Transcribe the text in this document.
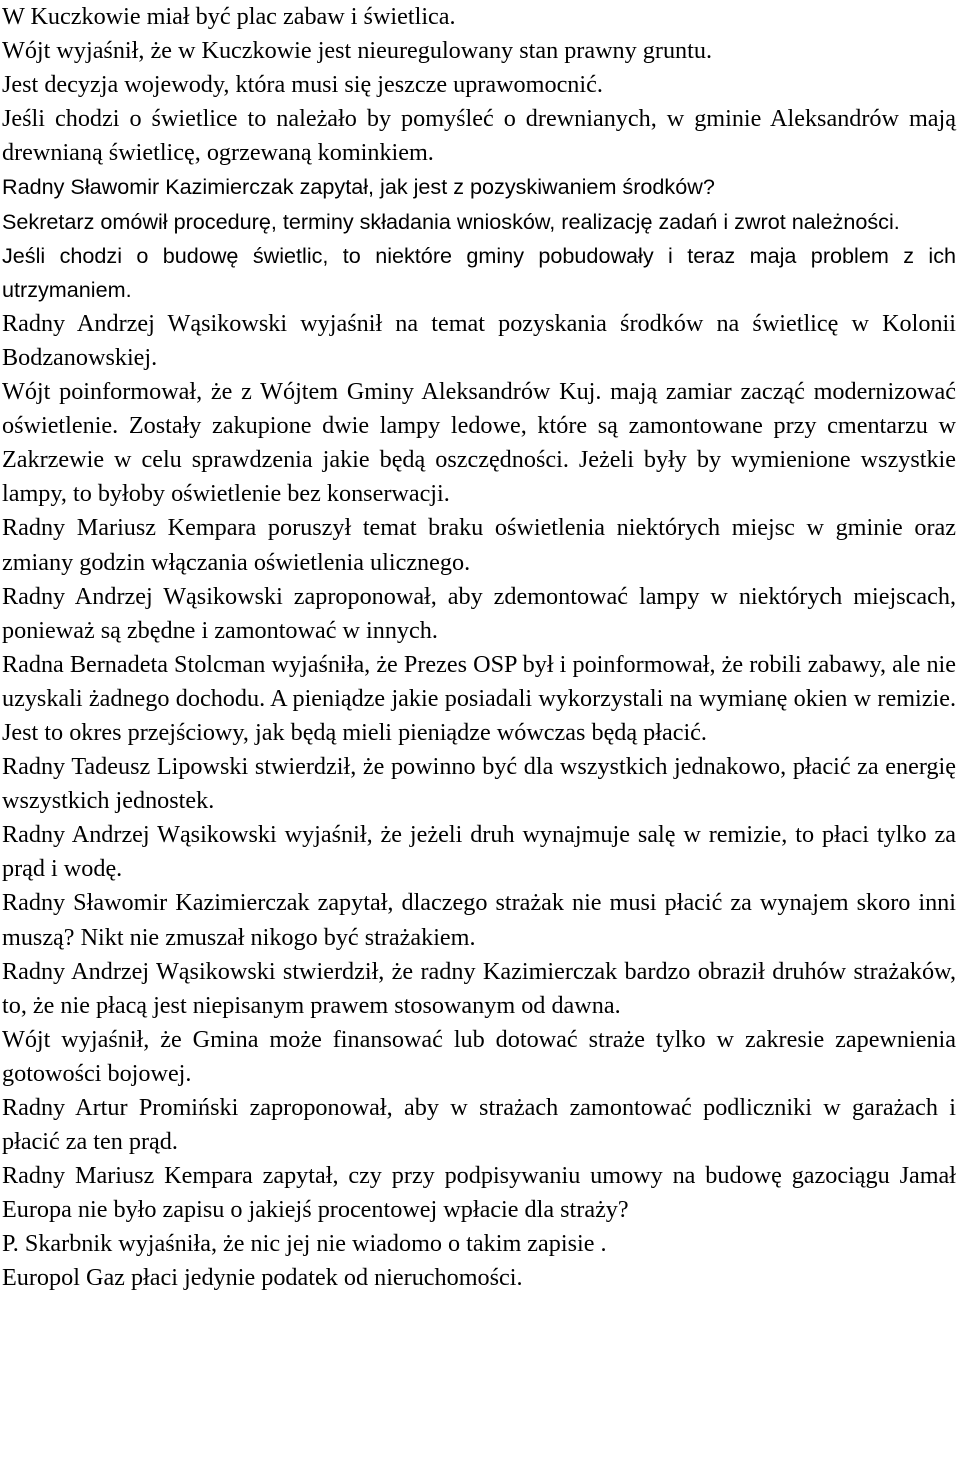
W Kuczkowie miał być plac zabaw i świetlica.

Wójt wyjaśnił, że w Kuczkowie jest nieuregulowany stan prawny gruntu.

Jest decyzja wojewody, która musi się jeszcze uprawomocnić.

Jeśli chodzi o świetlice to należało by pomyśleć o drewnianych, w gminie Aleksandrów mają drewnianą świetlicę, ogrzewaną kominkiem.

Radny Sławomir Kazimierczak zapytał, jak jest z pozyskiwaniem środków?

Sekretarz omówił procedurę, terminy składania wniosków, realizację zadań i zwrot należności.

Jeśli chodzi o budowę świetlic, to niektóre gminy pobudowały i teraz maja problem z ich utrzymaniem.

Radny Andrzej Wąsikowski wyjaśnił na temat pozyskania środków na świetlicę w Kolonii Bodzanowskiej.

Wójt poinformował, że z Wójtem Gminy Aleksandrów Kuj. mają zamiar zacząć modernizować oświetlenie. Zostały zakupione dwie lampy ledowe, które są zamontowane przy cmentarzu w Zakrzewie w celu sprawdzenia jakie będą oszczędności. Jeżeli były by wymienione wszystkie lampy, to byłoby oświetlenie bez konserwacji.

Radny Mariusz Kempara poruszył temat braku oświetlenia niektórych miejsc w gminie oraz zmiany godzin włączania oświetlenia ulicznego.

Radny Andrzej Wąsikowski zaproponował, aby zdemontować lampy w niektórych miejscach, ponieważ są zbędne i zamontować w innych.

Radna Bernadeta Stolcman wyjaśniła, że Prezes OSP był i poinformował, że robili zabawy, ale nie uzyskali żadnego dochodu. A pieniądze jakie posiadali wykorzystali na wymianę okien w remizie. Jest to okres przejściowy, jak będą mieli pieniądze wówczas będą płacić.

Radny Tadeusz Lipowski stwierdził, że powinno być dla wszystkich jednakowo, płacić za energię wszystkich jednostek.

Radny Andrzej Wąsikowski wyjaśnił, że jeżeli druh wynajmuje salę w remizie, to płaci tylko za prąd i wodę.

Radny Sławomir Kazimierczak zapytał, dlaczego strażak nie musi płacić za wynajem skoro inni muszą? Nikt nie zmuszał nikogo być strażakiem.

Radny Andrzej Wąsikowski stwierdził, że radny Kazimierczak bardzo obraził druhów strażaków, to, że nie płacą jest niepisanym prawem stosowanym od dawna.

Wójt wyjaśnił, że Gmina może finansować lub dotować straże tylko w zakresie zapewnienia gotowości bojowej.

Radny Artur Promiński zaproponował, aby w strażach zamontować podliczniki w garażach i płacić za ten prąd.

Radny Mariusz Kempara zapytał, czy przy podpisywaniu umowy na budowę gazociągu Jamał Europa nie było zapisu o jakiejś procentowej wpłacie dla straży?

P. Skarbnik wyjaśniła, że nic jej nie wiadomo o takim zapisie .

Europol Gaz płaci jedynie podatek od nieruchomości.
